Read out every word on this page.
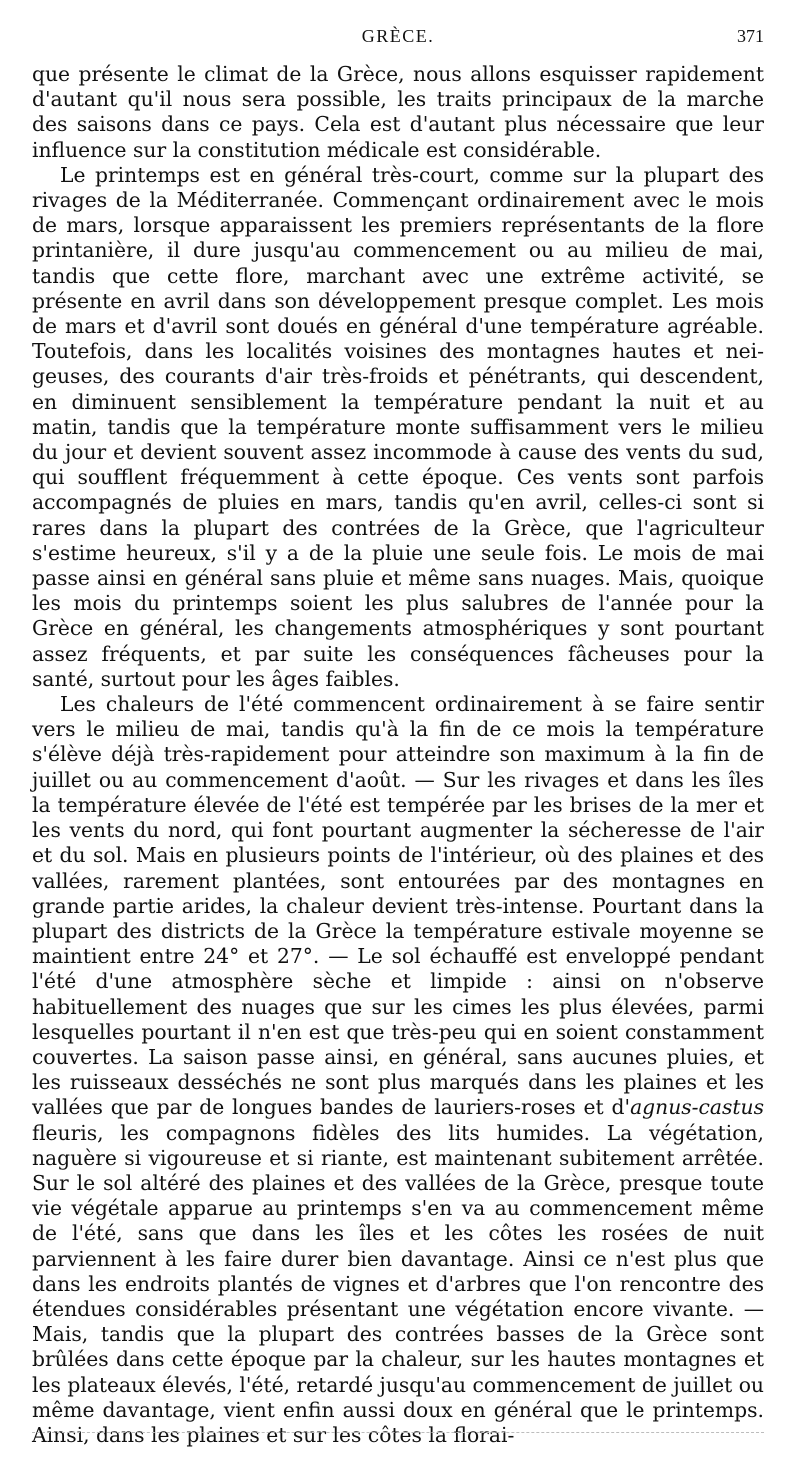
GRÈCE.	371

que présente le climat de la Grèce, nous allons esquisser rapidement d'autant qu'il nous sera possible, les traits principaux de la marche des saisons dans ce pays. Cela est d'autant plus nécessaire que leur influence sur la constitution médicale est considérable.

Le printemps est en général très-court, comme sur la plupart des rivages de la Méditerranée. Commençant ordinairement avec le mois de mars, lorsque apparaissent les premiers représentants de la flore printanière, il dure jusqu'au commencement ou au milieu de mai, tandis que cette flore, marchant avec une extrême activité, se présente en avril dans son développement presque complet. Les mois de mars et d'avril sont doués en général d'une température agréable. Toutefois, dans les localités voisines des montagnes hautes et neigeuses, des courants d'air très-froids et pénétrants, qui descendent, en diminuent sensiblement la température pendant la nuit et au matin, tandis que la température monte suffisamment vers le milieu du jour et devient souvent assez incommode à cause des vents du sud, qui soufflent fréquemment à cette époque. Ces vents sont parfois accompagnés de pluies en mars, tandis qu'en avril, celles-ci sont si rares dans la plupart des contrées de la Grèce, que l'agriculteur s'estime heureux, s'il y a de la pluie une seule fois. Le mois de mai passe ainsi en général sans pluie et même sans nuages. Mais, quoique les mois du printemps soient les plus salubres de l'année pour la Grèce en général, les changements atmosphériques y sont pourtant assez fréquents, et par suite les conséquences fâcheuses pour la santé, surtout pour les âges faibles.

Les chaleurs de l'été commencent ordinairement à se faire sentir vers le milieu de mai, tandis qu'à la fin de ce mois la température s'élève déjà très-rapidement pour atteindre son maximum à la fin de juillet ou au commencement d'août. — Sur les rivages et dans les îles la température élevée de l'été est tempérée par les brises de la mer et les vents du nord, qui font pourtant augmenter la sécheresse de l'air et du sol. Mais en plusieurs points de l'intérieur, où des plaines et des vallées, rarement plantées, sont entourées par des montagnes en grande partie arides, la chaleur devient très-intense. Pourtant dans la plupart des districts de la Grèce la température estivale moyenne se maintient entre 24° et 27°. — Le sol échauffé est enveloppé pendant l'été d'une atmosphère sèche et limpide : ainsi on n'observe habituellement des nuages que sur les cimes les plus élevées, parmi lesquelles pourtant il n'en est que très-peu qui en soient constamment couvertes. La saison passe ainsi, en général, sans aucunes pluies, et les ruisseaux desséchés ne sont plus marqués dans les plaines et les vallées que par de longues bandes de lauriers-roses et d'agnus-castus fleuris, les compagnons fidèles des lits humides. La végétation, naguère si vigoureuse et si riante, est maintenant subitement arrêtée. Sur le sol altéré des plaines et des vallées de la Grèce, presque toute vie végétale apparue au printemps s'en va au commencement même de l'été, sans que dans les îles et les côtes les rosées de nuit parviennent à les faire durer bien davantage. Ainsi ce n'est plus que dans les endroits plantés de vignes et d'arbres que l'on rencontre des étendues considérables présentant une végétation encore vivante. — Mais, tandis que la plupart des contrées basses de la Grèce sont brûlées dans cette époque par la chaleur, sur les hautes montagnes et les plateaux élevés, l'été, retardé jusqu'au commencement de juillet ou même davantage, vient enfin aussi doux en général que le printemps. Ainsi, dans les plaines et sur les côtes la florai-
